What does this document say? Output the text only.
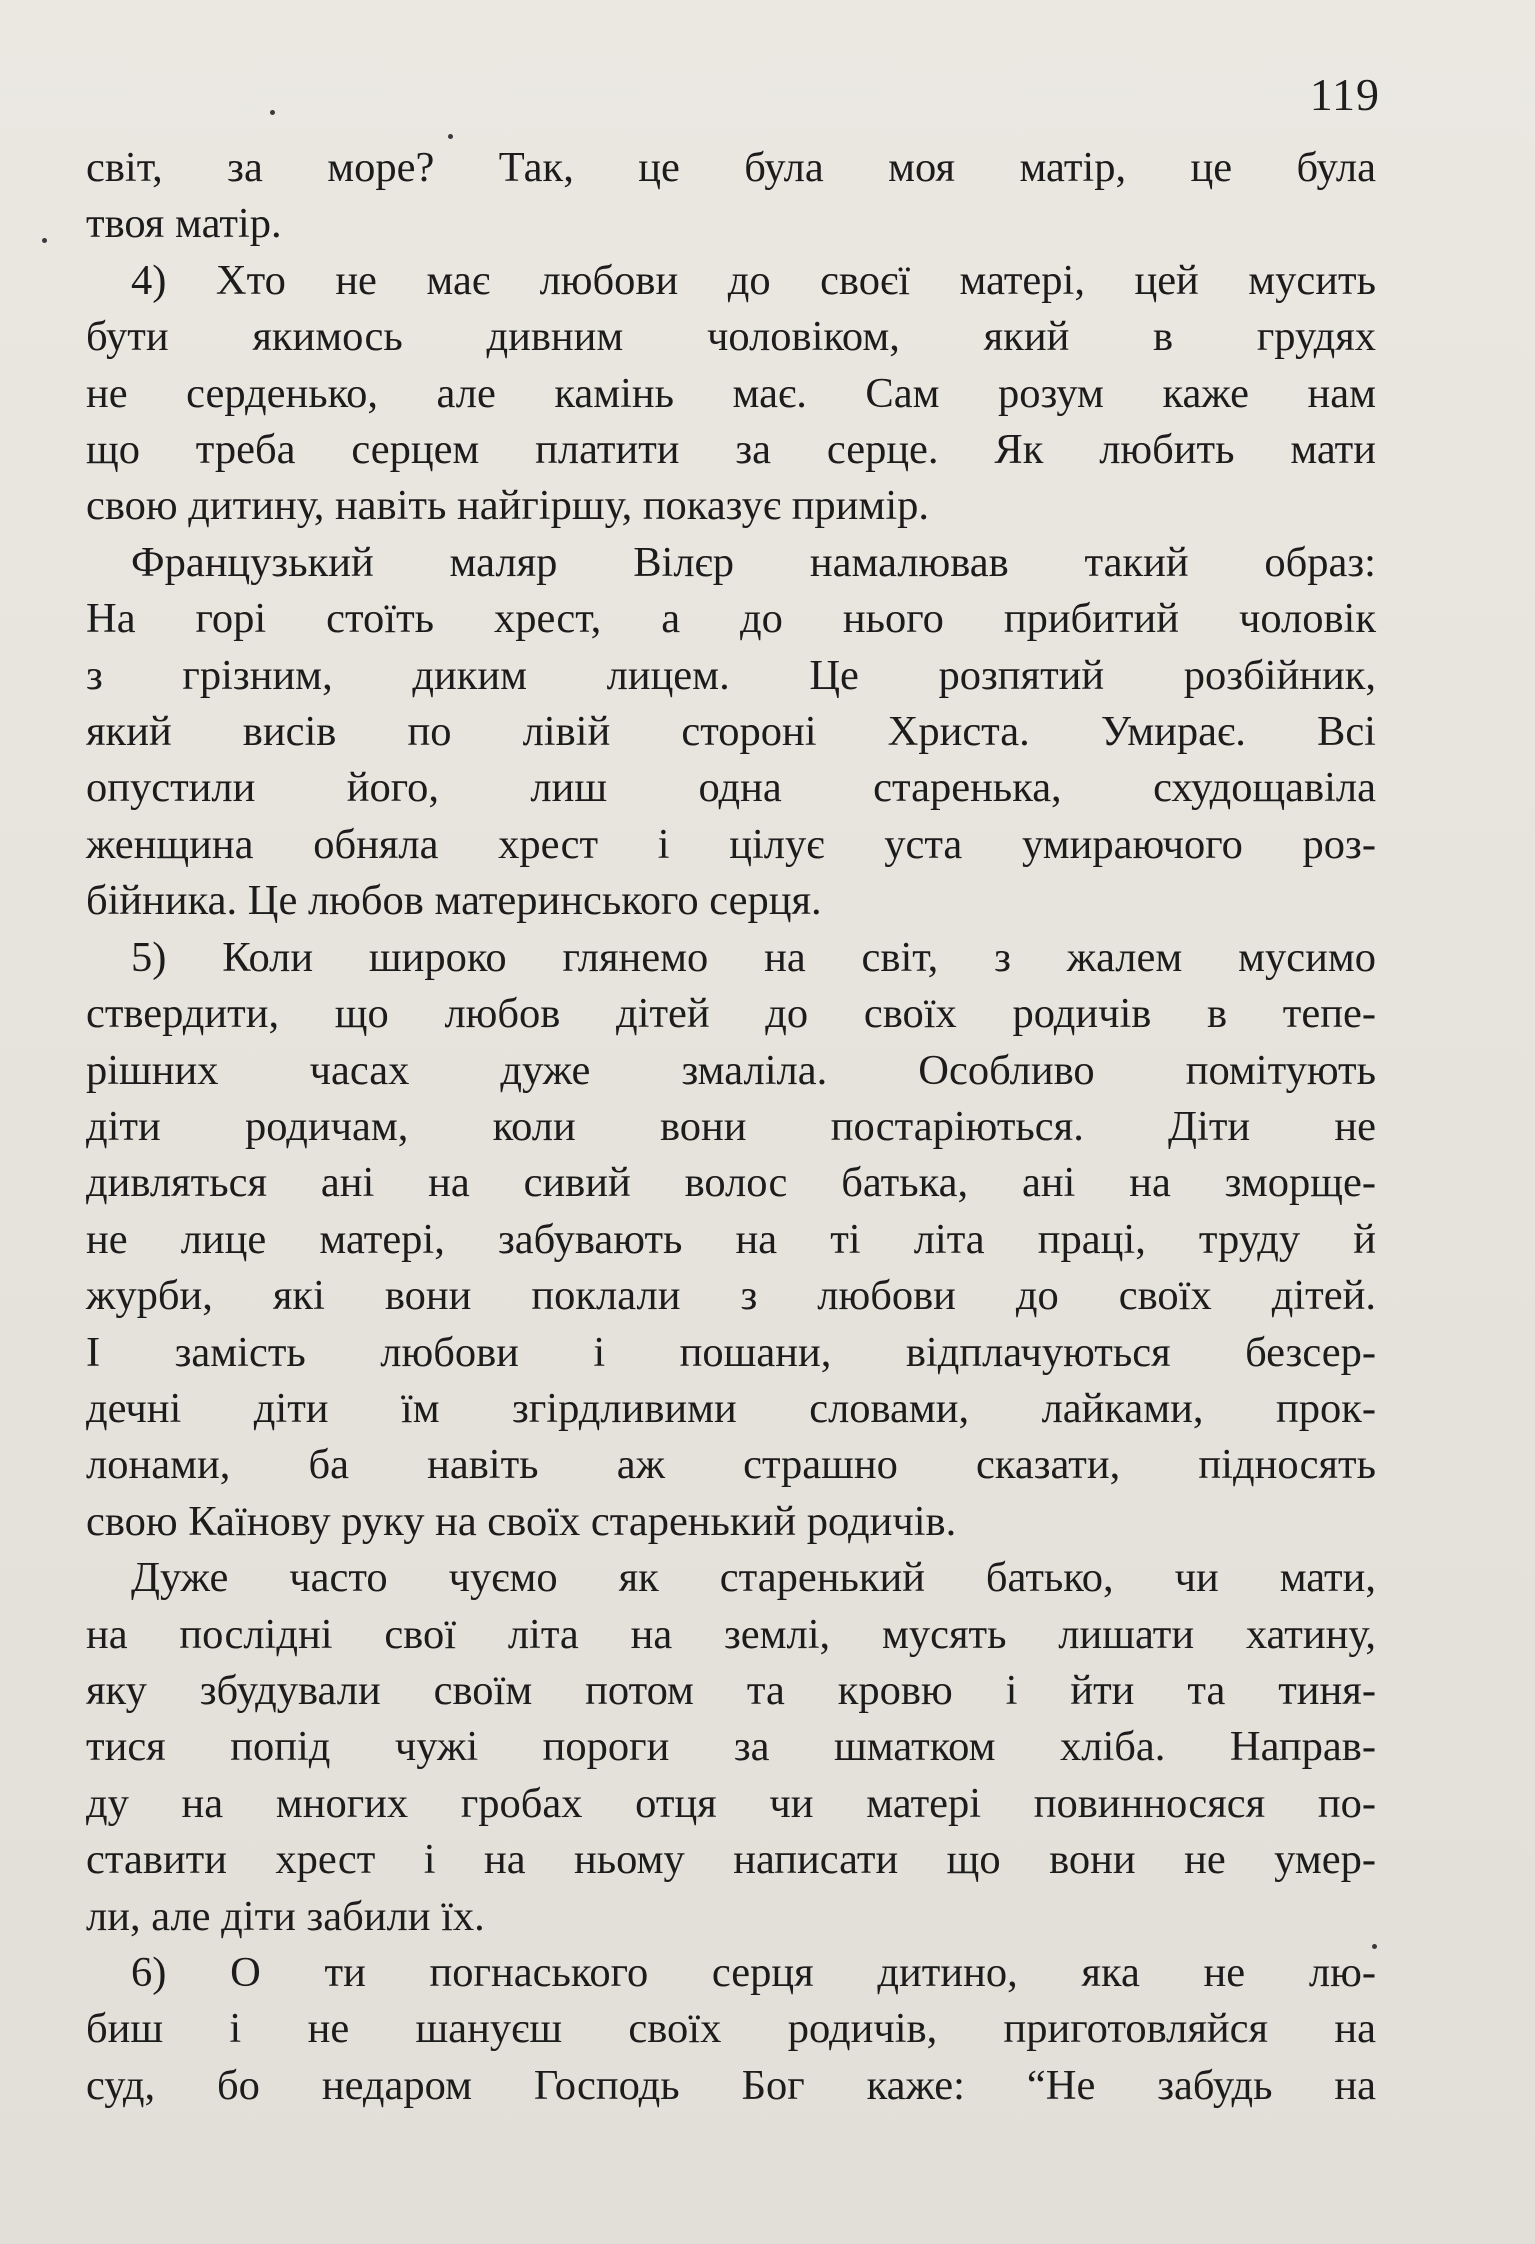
119
світ, за море? Так, це була моя матір, це була
твоя матір.
4) Хто не має любови до своєї матері, цей мусить
бути якимось дивним чоловіком, який в грудях
не серденько, але камінь має. Сам розум каже нам
що треба серцем платити за серце. Як любить мати
свою дитину, навіть найгіршу, показує примір.
Французький маляр Вілєр намалював такий образ:
На горі стоїть хрест, а до нього прибитий чоловік
з грізним, диким лицем. Це розпятий розбійник,
який висів по лівій стороні Христа. Умирає. Всі
опустили його, лиш одна старенька, схудощавіла
женщина обняла хрест і цілує уста умираючого роз-
бійника. Це любов материнського серця.
5) Коли широко глянемо на світ, з жалем мусимо
ствердити, що любов дітей до своїх родичів в тепе-
рішних часах дуже змаліла. Особливо помітують
діти родичам, коли вони постаріються. Діти не
дивляться ані на сивий волос батька, ані на зморще-
не лице матері, забувають на ті літа праці, труду й
журби, які вони поклали з любови до своїх дітей.
І замість любови і пошани, відплачуються безсер-
дечні діти їм згірдливими словами, лайками, прок-
лонами, ба навіть аж страшно сказати, підносять
свою Каїнову руку на своїх старенький родичів.
Дуже часто чуємо як старенький батько, чи мати,
на послідні свої літа на землі, мусять лишати хатину,
яку збудували своїм потом та кровю і йти та тиня-
тися попід чужі пороги за шматком хліба. Направ-
ду на многих гробах отця чи матері повинносяся по-
ставити хрест і на ньому написати що вони не умер-
ли, але діти забили їх.
6) О ти погнаського серця дитино, яка не лю-
биш і не шануєш своїх родичів, приготовляйся на
суд, бо недаром Господь Бог каже: “Не забудь на
